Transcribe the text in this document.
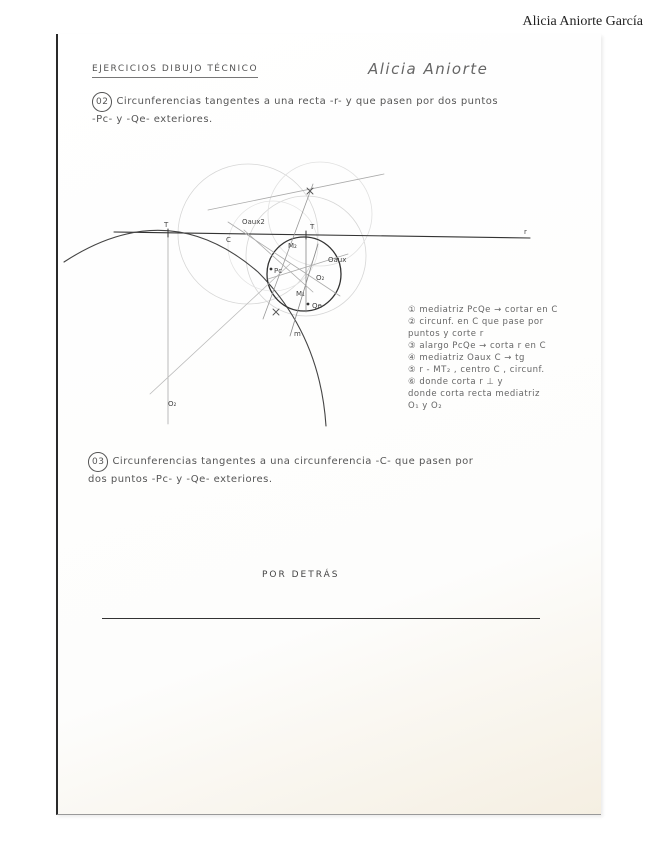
Alicia Aniorte García
EJERCICIOS DIBUJO TÉCNICO	Alicia Aniorte
02 Circunferencias tangentes a una recta -r- y que pasen por dos puntos
-Pc- y -Qe- exteriores.
r
T	T
C
Pc
Qe
O₂
M₁
M₂
m
Oaux2
Oaux
O₂
① mediatriz PcQe → cortar en C
② circunf. en C que pase por
puntos y corte r
③ alargo PcQe → corta r en C
④ mediatriz Oaux C → tg
⑤ r - MT₂ , centro C , circunf.
⑥ donde corta r ⊥ y
donde corta recta mediatriz
O₁ y O₂
03 Circunferencias tangentes a una circunferencia -C- que pasen por
dos puntos -Pc- y -Qe- exteriores.
POR DETRÁS
